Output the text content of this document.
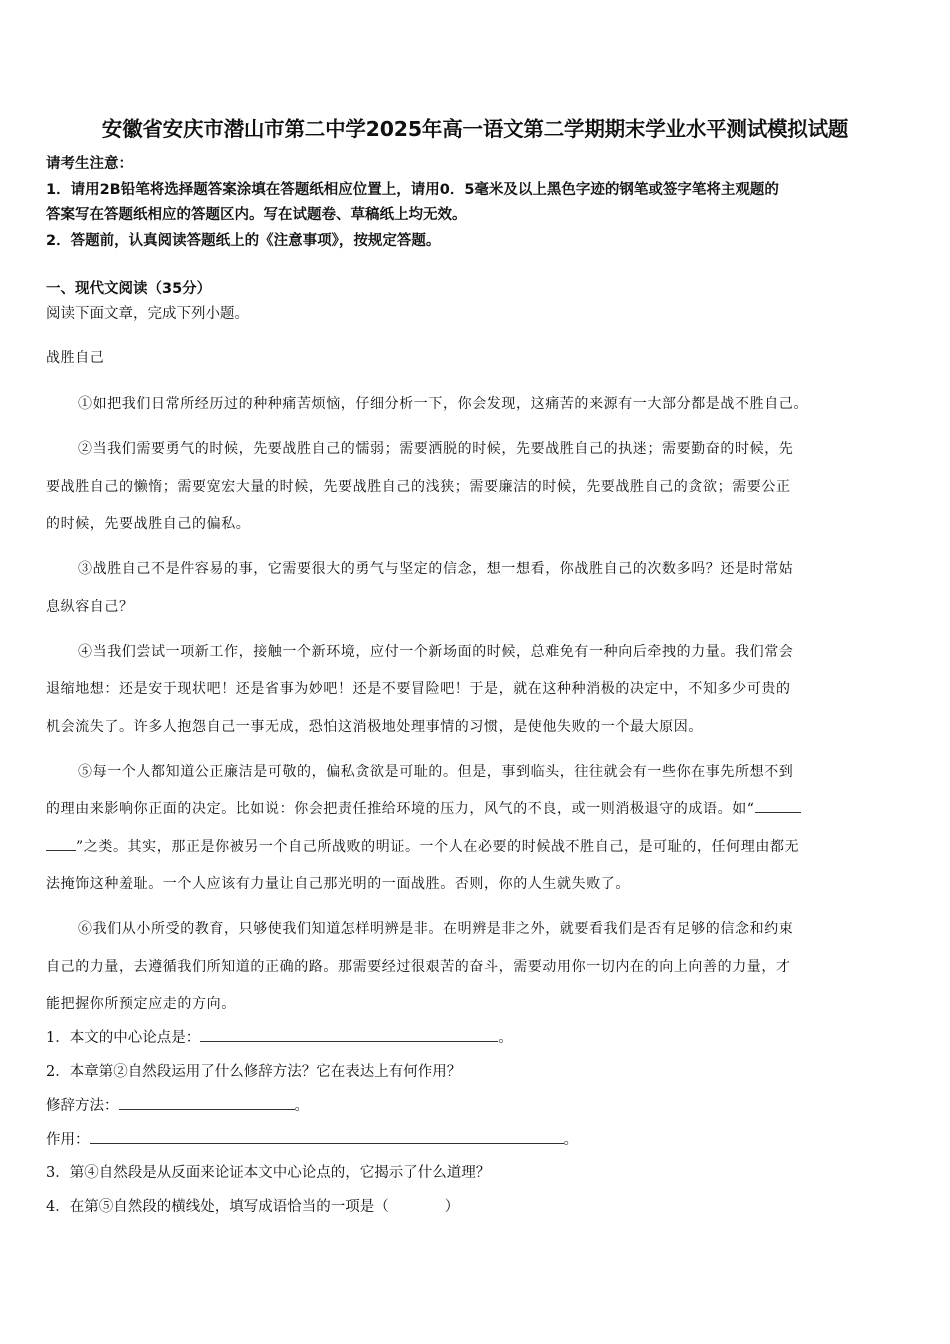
安徽省安庆市潜山市第二中学2025年高一语文第二学期期末学业水平测试模拟试题
请考生注意：
1．请用2B铅笔将选择题答案涂填在答题纸相应位置上，请用0．5毫米及以上黑色字迹的钢笔或签字笔将主观题的
答案写在答题纸相应的答题区内。写在试题卷、草稿纸上均无效。
2．答题前，认真阅读答题纸上的《注意事项》，按规定答题。
一、现代文阅读（35分）
阅读下面文章，完成下列小题。
战胜自己
①如把我们日常所经历过的种种痛苦烦恼，仔细分析一下，你会发现，这痛苦的来源有一大部分都是战不胜自己。
②当我们需要勇气的时候，先要战胜自己的懦弱；需要洒脱的时候，先要战胜自己的执迷；需要勤奋的时候，先
要战胜自己的懒惰；需要宽宏大量的时候，先要战胜自己的浅狭；需要廉洁的时候，先要战胜自己的贪欲；需要公正
的时候，先要战胜自己的偏私。
③战胜自己不是件容易的事，它需要很大的勇气与坚定的信念，想一想看，你战胜自己的次数多吗？还是时常姑
息纵容自己？
④当我们尝试一项新工作，接触一个新环境，应付一个新场面的时候，总难免有一种向后牵拽的力量。我们常会
退缩地想：还是安于现状吧！还是省事为妙吧！还是不要冒险吧！于是，就在这种种消极的决定中，不知多少可贵的
机会流失了。许多人抱怨自己一事无成，恐怕这消极地处理事情的习惯，是使他失败的一个最大原因。
⑤每一个人都知道公正廉洁是可敬的，偏私贪欲是可耻的。但是，事到临头，往往就会有一些你在事先所想不到
的理由来影响你正面的决定。比如说：你会把责任推给环境的压力，风气的不良，或一则消极退守的成语。如“
”之类。其实，那正是你被另一个自己所战败的明证。一个人在必要的时候战不胜自己，是可耻的，任何理由都无
法掩饰这种羞耻。一个人应该有力量让自己那光明的一面战胜。否则，你的人生就失败了。
⑥我们从小所受的教育，只够使我们知道怎样明辨是非。在明辨是非之外，就要看我们是否有足够的信念和约束
自己的力量，去遵循我们所知道的正确的路。那需要经过很艰苦的奋斗，需要动用你一切内在的向上向善的力量，才
能把握你所预定应走的方向。
1．本文的中心论点是：	。
2．本章第②自然段运用了什么修辞方法？它在表达上有何作用？
修辞方法：	。
作用：	。
3．第④自然段是从反面来论证本文中心论点的，它揭示了什么道理？
4．在第⑤自然段的横线处，填写成语恰当的一项是（	）
